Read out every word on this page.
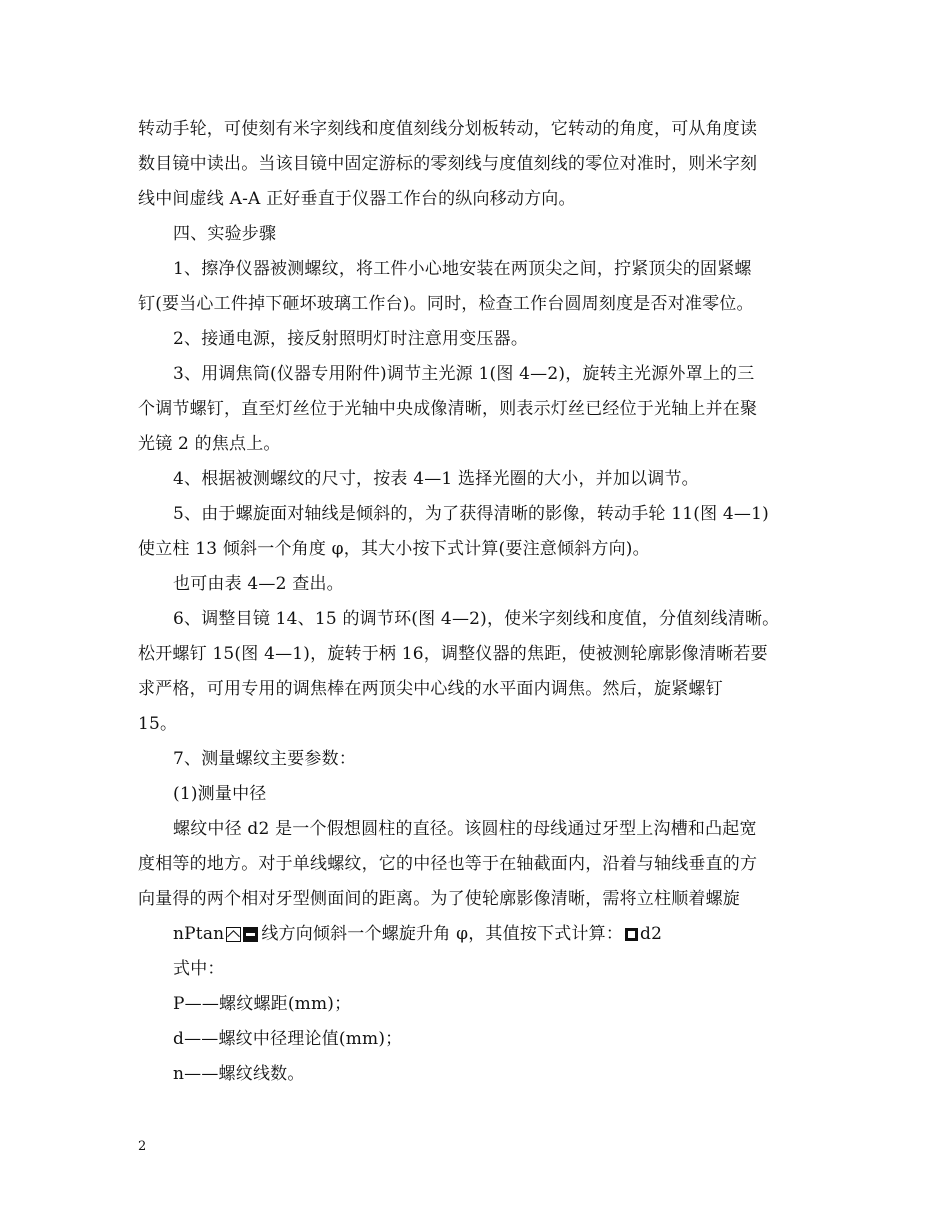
转动手轮，可使刻有米字刻线和度值刻线分划板转动，它转动的角度，可从角度读
数目镜中读出。当该目镜中固定游标的零刻线与度值刻线的零位对准时，则米字刻
线中间虚线 A-A 正好垂直于仪器工作台的纵向移动方向。
四、实验步骤
1、擦净仪器被测螺纹，将工件小心地安装在两顶尖之间，拧紧顶尖的固紧螺
钉(要当心工件掉下砸坏玻璃工作台)。同时，检查工作台圆周刻度是否对准零位。
2、接通电源，接反射照明灯时注意用变压器。
3、用调焦筒(仪器专用附件)调节主光源 1(图 4—2)，旋转主光源外罩上的三
个调节螺钉，直至灯丝位于光轴中央成像清晰，则表示灯丝已经位于光轴上并在聚
光镜 2 的焦点上。
4、根据被测螺纹的尺寸，按表 4—1 选择光圈的大小，并加以调节。
5、由于螺旋面对轴线是倾斜的，为了获得清晰的影像，转动手轮 11(图 4—1)
使立柱 13 倾斜一个角度 φ，其大小按下式计算(要注意倾斜方向)。
也可由表 4—2 查出。
6、调整目镜 14、15 的调节环(图 4—2)，使米字刻线和度值，分值刻线清晰。
松开螺钉 15(图 4—1)，旋转于柄 16，调整仪器的焦距，使被测轮廓影像清晰若要
求严格，可用专用的调焦棒在两顶尖中心线的水平面内调焦。然后，旋紧螺钉
15。
7、测量螺纹主要参数：
(1)测量中径
螺纹中径 d2 是一个假想圆柱的直径。该圆柱的母线通过牙型上沟槽和凸起宽
度相等的地方。对于单线螺纹，它的中径也等于在轴截面内，沿着与轴线垂直的方
向量得的两个相对牙型侧面间的距离。为了使轮廓影像清晰，需将立柱顺着螺旋
nPtan 线方向倾斜一个螺旋升角 φ，其值按下式计算： d2
式中：
P——螺纹螺距(mm)；
d——螺纹中径理论值(mm)；
n——螺纹线数。
2
